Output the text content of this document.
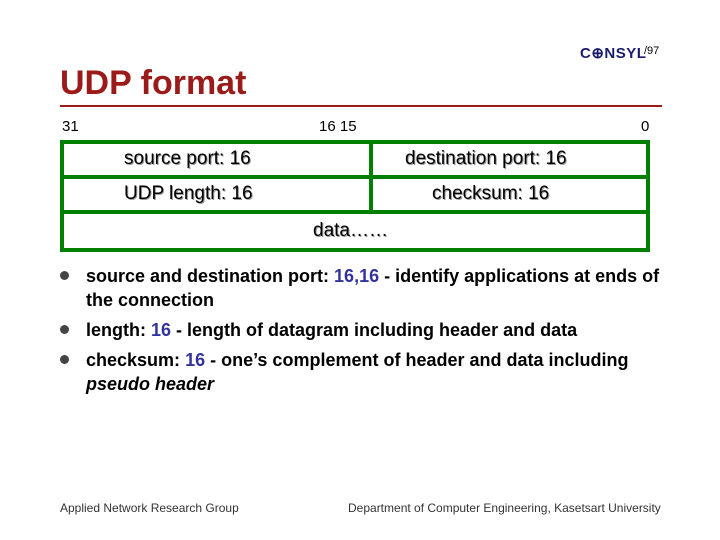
C⊕NSYL
/97
UDP format
31	16 15	0
source port: 16	destination port: 16
UDP length: 16	checksum: 16
data……
source and destination port: 16,16 - identify applications at ends of the connection
length: 16 - length of datagram including header and data
checksum: 16 - one’s complement of header and data including pseudo header
Applied Network Research Group	Department of Computer Engineering, Kasetsart University
